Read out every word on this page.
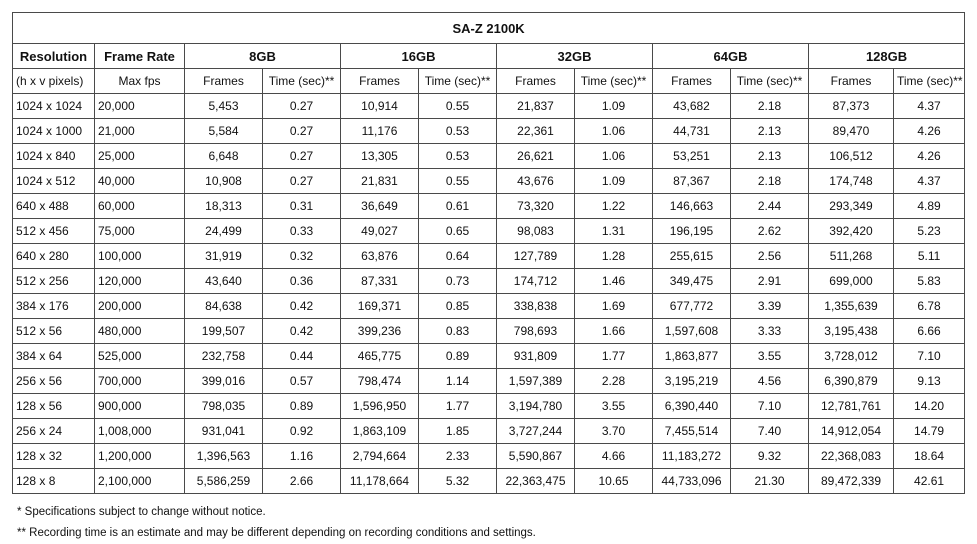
SA-Z 2100K											
Resolution	Frame Rate	8GB		16GB		32GB		64GB		128GB	
(h x v pixels)	Max fps	Frames	Time (sec)**	Frames	Time (sec)**	Frames	Time (sec)**	Frames	Time (sec)**	Frames	Time (sec)**
1024 x 1024	20,000	5,453	0.27	10,914	0.55	21,837	1.09	43,682	2.18	87,373	4.37
1024 x 1000	21,000	5,584	0.27	11,176	0.53	22,361	1.06	44,731	2.13	89,470	4.26
1024 x 840	25,000	6,648	0.27	13,305	0.53	26,621	1.06	53,251	2.13	106,512	4.26
1024 x 512	40,000	10,908	0.27	21,831	0.55	43,676	1.09	87,367	2.18	174,748	4.37
640 x 488	60,000	18,313	0.31	36,649	0.61	73,320	1.22	146,663	2.44	293,349	4.89
512 x 456	75,000	24,499	0.33	49,027	0.65	98,083	1.31	196,195	2.62	392,420	5.23
640 x 280	100,000	31,919	0.32	63,876	0.64	127,789	1.28	255,615	2.56	511,268	5.11
512 x 256	120,000	43,640	0.36	87,331	0.73	174,712	1.46	349,475	2.91	699,000	5.83
384 x 176	200,000	84,638	0.42	169,371	0.85	338,838	1.69	677,772	3.39	1,355,639	6.78
512 x 56	480,000	199,507	0.42	399,236	0.83	798,693	1.66	1,597,608	3.33	3,195,438	6.66
384 x 64	525,000	232,758	0.44	465,775	0.89	931,809	1.77	1,863,877	3.55	3,728,012	7.10
256 x 56	700,000	399,016	0.57	798,474	1.14	1,597,389	2.28	3,195,219	4.56	6,390,879	9.13
128 x 56	900,000	798,035	0.89	1,596,950	1.77	3,194,780	3.55	6,390,440	7.10	12,781,761	14.20
256 x 24	1,008,000	931,041	0.92	1,863,109	1.85	3,727,244	3.70	7,455,514	7.40	14,912,054	14.79
128 x 32	1,200,000	1,396,563	1.16	2,794,664	2.33	5,590,867	4.66	11,183,272	9.32	22,368,083	18.64
128 x 8	2,100,000	5,586,259	2.66	11,178,664	5.32	22,363,475	10.65	44,733,096	21.30	89,472,339	42.61
* Specifications subject to change without notice.
** Recording time is an estimate and may be different depending on recording conditions and settings.
